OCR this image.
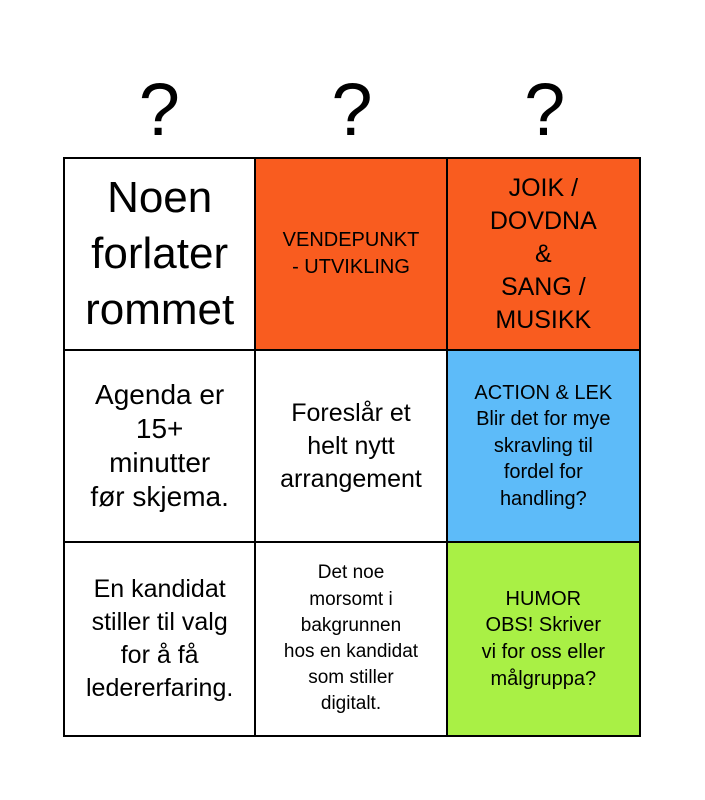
?	?	?
Noen
forlater
rommet
VENDEPUNKT
- UTVIKLING
JOIK /
DOVDNA
&
SANG /
MUSIKK
Agenda er
15+
minutter
før skjema.
Foreslår et
helt nytt
arrangement
ACTION & LEK
Blir det for mye
skravling til
fordel for
handling?
En kandidat
stiller til valg
for å få
ledererfaring.
Det noe
morsomt i
bakgrunnen
hos en kandidat
som stiller
digitalt.
HUMOR
OBS! Skriver
vi for oss eller
målgruppa?
